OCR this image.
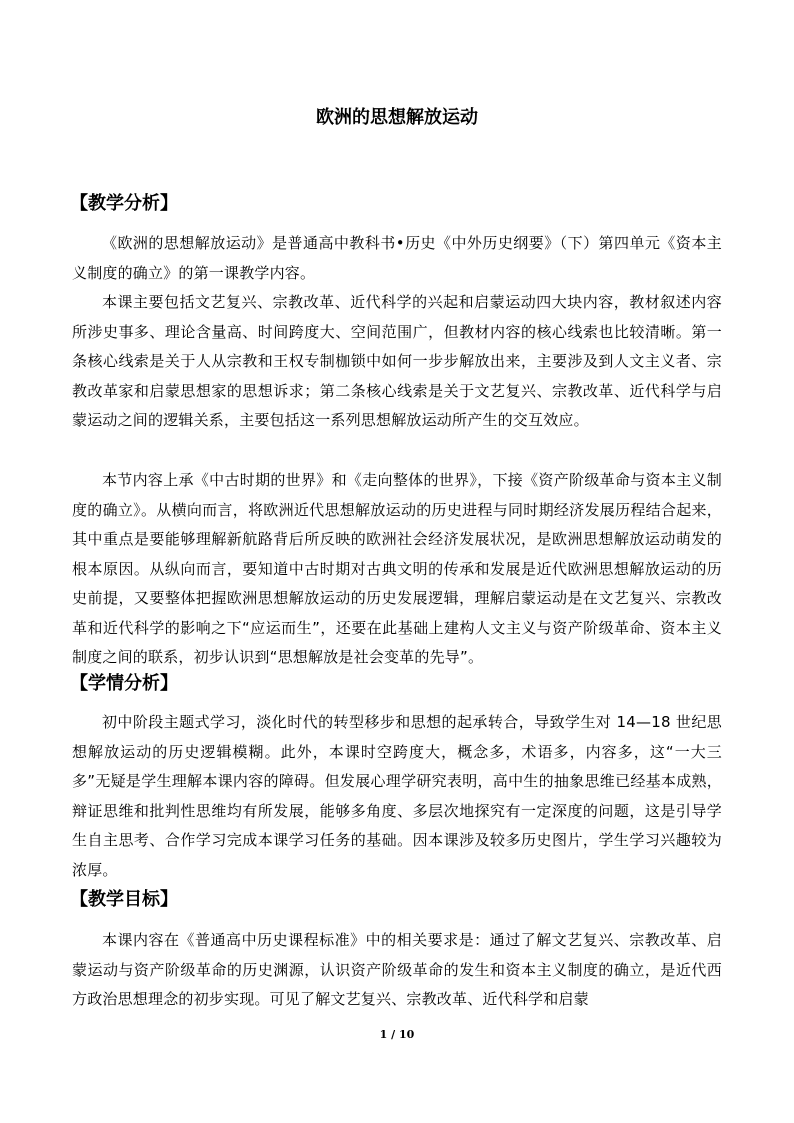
欧洲的思想解放运动
【教学分析】

《欧洲的思想解放运动》是普通高中教科书•历史《中外历史纲要》（下）第四单元《资本主义制度的确立》的第一课教学内容。

本课主要包括文艺复兴、宗教改革、近代科学的兴起和启蒙运动四大块内容，教材叙述内容所涉史事多、理论含量高、时间跨度大、空间范围广，但教材内容的核心线索也比较清晰。第一条核心线索是关于人从宗教和王权专制枷锁中如何一步步解放出来，主要涉及到人文主义者、宗教改革家和启蒙思想家的思想诉求；第二条核心线索是关于文艺复兴、宗教改革、近代科学与启蒙运动之间的逻辑关系，主要包括这一系列思想解放运动所产生的交互效应。

本节内容上承《中古时期的世界》和《走向整体的世界》，下接《资产阶级革命与资本主义制度的确立》。从横向而言，将欧洲近代思想解放运动的历史进程与同时期经济发展历程结合起来，其中重点是要能够理解新航路背后所反映的欧洲社会经济发展状况，是欧洲思想解放运动萌发的根本原因。从纵向而言，要知道中古时期对古典文明的传承和发展是近代欧洲思想解放运动的历史前提，又要整体把握欧洲思想解放运动的历史发展逻辑，理解启蒙运动是在文艺复兴、宗教改革和近代科学的影响之下“应运而生”，还要在此基础上建构人文主义与资产阶级革命、资本主义制度之间的联系，初步认识到“思想解放是社会变革的先导”。

【学情分析】

初中阶段主题式学习，淡化时代的转型移步和思想的起承转合，导致学生对 14—18 世纪思想解放运动的历史逻辑模糊。此外，本课时空跨度大，概念多，术语多，内容多，这“一大三多”无疑是学生理解本课内容的障碍。但发展心理学研究表明，高中生的抽象思维已经基本成熟，辩证思维和批判性思维均有所发展，能够多角度、多层次地探究有一定深度的问题，这是引导学生自主思考、合作学习完成本课学习任务的基础。因本课涉及较多历史图片，学生学习兴趣较为浓厚。

【教学目标】

本课内容在《普通高中历史课程标准》中的相关要求是：通过了解文艺复兴、宗教改革、启蒙运动与资产阶级革命的历史渊源，认识资产阶级革命的发生和资本主义制度的确立，是近代西方政治思想理念的初步实现。可见了解文艺复兴、宗教改革、近代科学和启蒙

1 / 10
